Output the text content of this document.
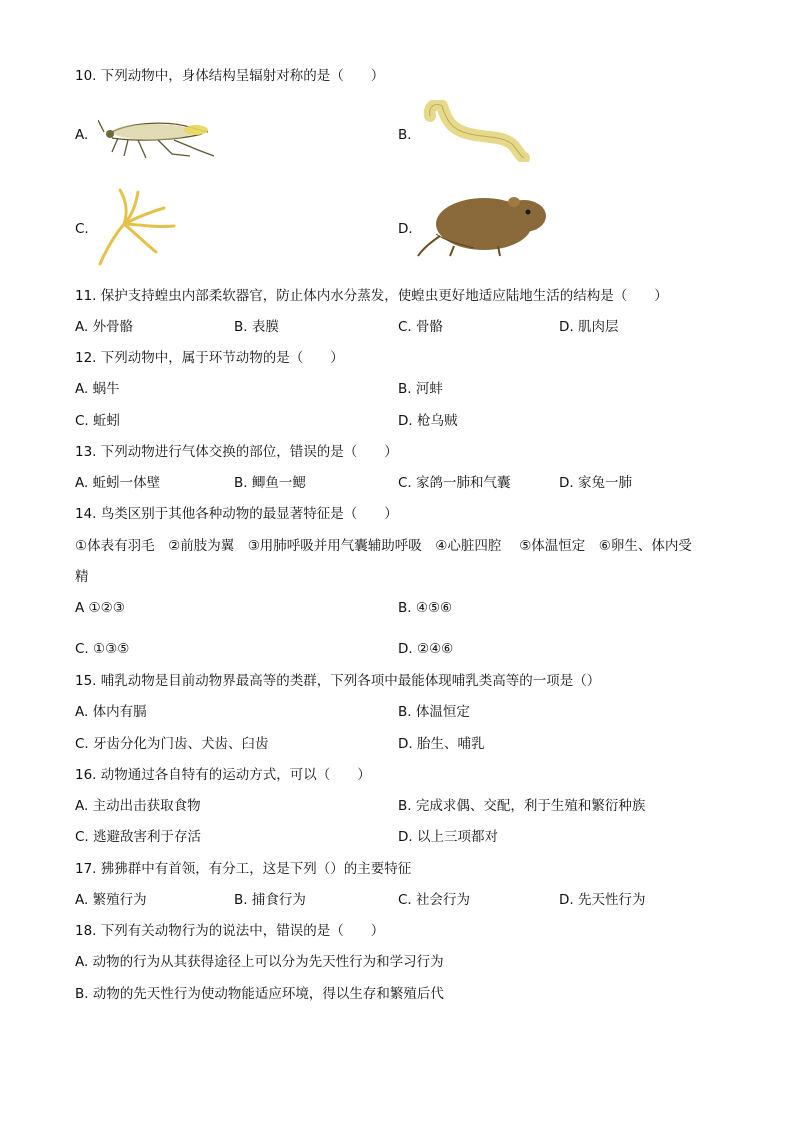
10. 下列动物中，身体结构呈辐射对称的是（　　）
A.	B.
C.	D.
11. 保护支持蝗虫内部柔软器官，防止体内水分蒸发，使蝗虫更好地适应陆地生活的结构是（　　）
A. 外骨骼	B. 表膜	C. 骨骼	D. 肌肉层
12. 下列动物中，属于环节动物的是（　　）
A. 蜗牛	B. 河蚌
C. 蚯蚓	D. 枪乌贼
13. 下列动物进行气体交换的部位，错误的是（　　）
A. 蚯蚓一体壁	B. 鲫鱼一鳃	C. 家鸽一肺和气囊	D. 家兔一肺
14. 鸟类区别于其他各种动物的最显著特征是（　　）
①体表有羽毛　②前肢为翼　③用肺呼吸并用气囊辅助呼吸　④心脏四腔　 ⑤体温恒定　⑥卵生、体内受
精
A ①②③	B. ④⑤⑥
C. ①③⑤	D. ②④⑥
15. 哺乳动物是目前动物界最高等的类群，下列各项中最能体现哺乳类高等的一项是（）
A. 体内有膈	B. 体温恒定
C. 牙齿分化为门齿、犬齿、臼齿	D. 胎生、哺乳
16. 动物通过各自特有的运动方式，可以（　　）
A. 主动出击获取食物	B. 完成求偶、交配，利于生殖和繁衍种族
C. 逃避敌害利于存活	D. 以上三项都对
17. 狒狒群中有首领，有分工，这是下列（）的主要特征
A. 繁殖行为	B. 捕食行为	C. 社会行为	D. 先天性行为
18. 下列有关动物行为的说法中，错误的是（　　）
A. 动物的行为从其获得途径上可以分为先天性行为和学习行为
B. 动物的先天性行为使动物能适应环境，得以生存和繁殖后代
